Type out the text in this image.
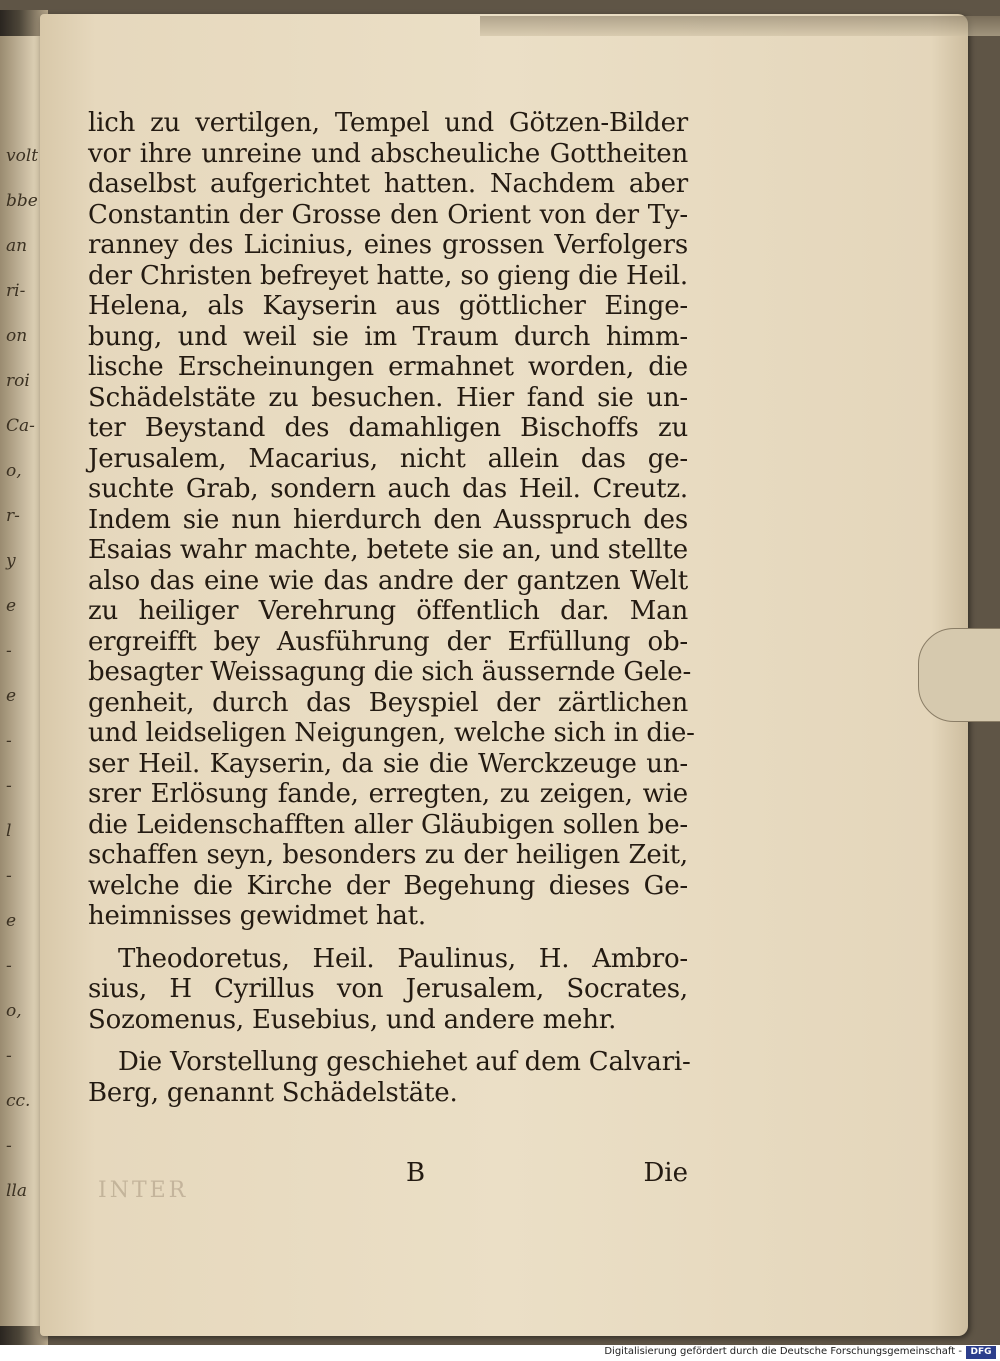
volt
bbe
an
ri-
on
roi
Ca-
o,
r-
y
e
-
e
-
-
l
-
e
-
o,
-
cc.
-
lla
lich zu vertilgen, Tempel und Götzen-Bilder
vor ihre unreine und abscheuliche Gottheiten
daselbst aufgerichtet hatten. Nachdem aber
Constantin der Grosse den Orient von der Ty-
ranney des Licinius, eines grossen Verfolgers
der Christen befreyet hatte, so gieng die Heil.
Helena, als Kayserin aus göttlicher Einge-
bung, und weil sie im Traum durch himm-
lische Erscheinungen ermahnet worden, die
Schädelstäte zu besuchen. Hier fand sie un-
ter Beystand des damahligen Bischoffs zu
Jerusalem, Macarius, nicht allein das ge-
suchte Grab, sondern auch das Heil. Creutz.
Indem sie nun hierdurch den Ausspruch des
Esaias wahr machte, betete sie an, und stellte
also das eine wie das andre der gantzen Welt
zu heiliger Verehrung öffentlich dar. Man
ergreifft bey Ausführung der Erfüllung ob-
besagter Weissagung die sich äussernde Gele-
genheit, durch das Beyspiel der zärtlichen
und leidseligen Neigungen, welche sich in die-
ser Heil. Kayserin, da sie die Werckzeuge un-
srer Erlösung fande, erregten, zu zeigen, wie
die Leidenschafften aller Gläubigen sollen be-
schaffen seyn, besonders zu der heiligen Zeit,
welche die Kirche der Begehung dieses Ge-
heimnisses gewidmet hat.
Theodoretus, Heil. Paulinus, H. Ambro-
sius, H Cyrillus von Jerusalem, Socrates,
Sozomenus, Eusebius, und andere mehr.
Die Vorstellung geschiehet auf dem Calvari-
Berg, genannt Schädelstäte.
B	Die
INTER
Digitalisierung gefördert durch die Deutsche Forschungsgemeinschaft - DFG
